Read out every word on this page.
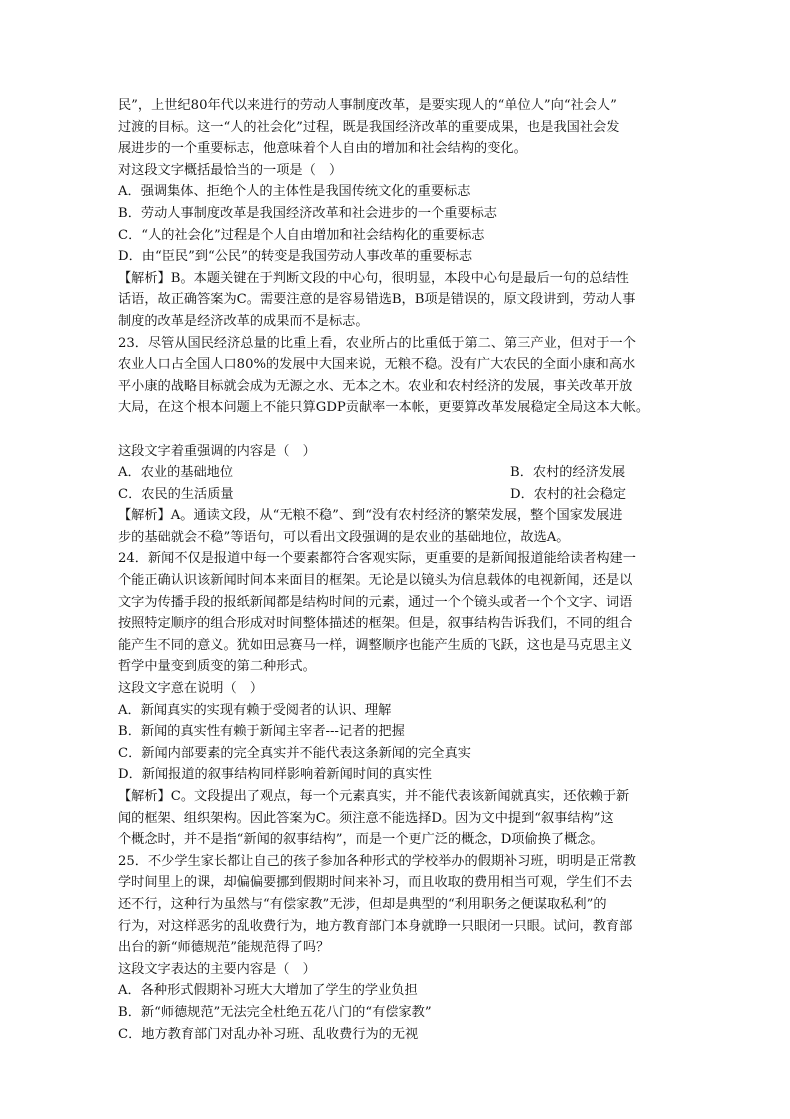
民”，上世纪80年代以来进行的劳动人事制度改革，是要实现人的“单位人”向“社会人”

过渡的目标。这一“人的社会化”过程，既是我国经济改革的重要成果，也是我国社会发

展进步的一个重要标志，他意味着个人自由的增加和社会结构的变化。

对这段文字概括最恰当的一项是（　）

A．强调集体、拒绝个人的主体性是我国传统文化的重要标志

B．劳动人事制度改革是我国经济改革和社会进步的一个重要标志

C．“人的社会化”过程是个人自由增加和社会结构化的重要标志

D．由“臣民”到“公民”的转变是我国劳动人事改革的重要标志

【解析】B。本题关键在于判断文段的中心句，很明显，本段中心句是最后一句的总结性

话语，故正确答案为C。需要注意的是容易错选B，B项是错误的，原文段讲到，劳动人事

制度的改革是经济改革的成果而不是标志。

23．尽管从国民经济总量的比重上看，农业所占的比重低于第二、第三产业，但对于一个

农业人口占全国人口80%的发展中大国来说，无粮不稳。没有广大农民的全面小康和高水

平小康的战略目标就会成为无源之水、无本之木。农业和农村经济的发展，事关改革开放

大局，在这个根本问题上不能只算GDP贡献率一本帐，更要算改革发展稳定全局这本大帐。

这段文字着重强调的内容是（　）

A．农业的基础地位	B．农村的经济发展
C．农民的生活质量	D．农村的社会稳定

【解析】A。通读文段，从“无粮不稳”、到“没有农村经济的繁荣发展，整个国家发展进

步的基础就会不稳”等语句，可以看出文段强调的是农业的基础地位，故选A。

24．新闻不仅是报道中每一个要素都符合客观实际，更重要的是新闻报道能给读者构建一

个能正确认识该新闻时间本来面目的框架。无论是以镜头为信息载体的电视新闻，还是以

文字为传播手段的报纸新闻都是结构时间的元素，通过一个个镜头或者一个个文字、词语

按照特定顺序的组合形成对时间整体描述的框架。但是，叙事结构告诉我们，不同的组合

能产生不同的意义。犹如田忌赛马一样，调整顺序也能产生质的飞跃，这也是马克思主义

哲学中量变到质变的第二种形式。

这段文字意在说明（　）

A．新闻真实的实现有赖于受阅者的认识、理解

B．新闻的真实性有赖于新闻主宰者---记者的把握

C．新闻内部要素的完全真实并不能代表这条新闻的完全真实

D．新闻报道的叙事结构同样影响着新闻时间的真实性

【解析】C。文段提出了观点，每一个元素真实，并不能代表该新闻就真实，还依赖于新

闻的框架、组织架构。因此答案为C。须注意不能选择D。因为文中提到“叙事结构”这

个概念时，并不是指“新闻的叙事结构”，而是一个更广泛的概念，D项偷换了概念。

25．不少学生家长都让自己的孩子参加各种形式的学校举办的假期补习班，明明是正常教

学时间里上的课，却偏偏要挪到假期时间来补习，而且收取的费用相当可观，学生们不去

还不行，这种行为虽然与“有偿家教”无涉，但却是典型的“利用职务之便谋取私利”的

行为，对这样恶劣的乱收费行为，地方教育部门本身就睁一只眼闭一只眼。试问，教育部

出台的新“师德规范”能规范得了吗？

这段文字表达的主要内容是（　）

A．各种形式假期补习班大大增加了学生的学业负担

B．新“师德规范”无法完全杜绝五花八门的“有偿家教”

C．地方教育部门对乱办补习班、乱收费行为的无视
